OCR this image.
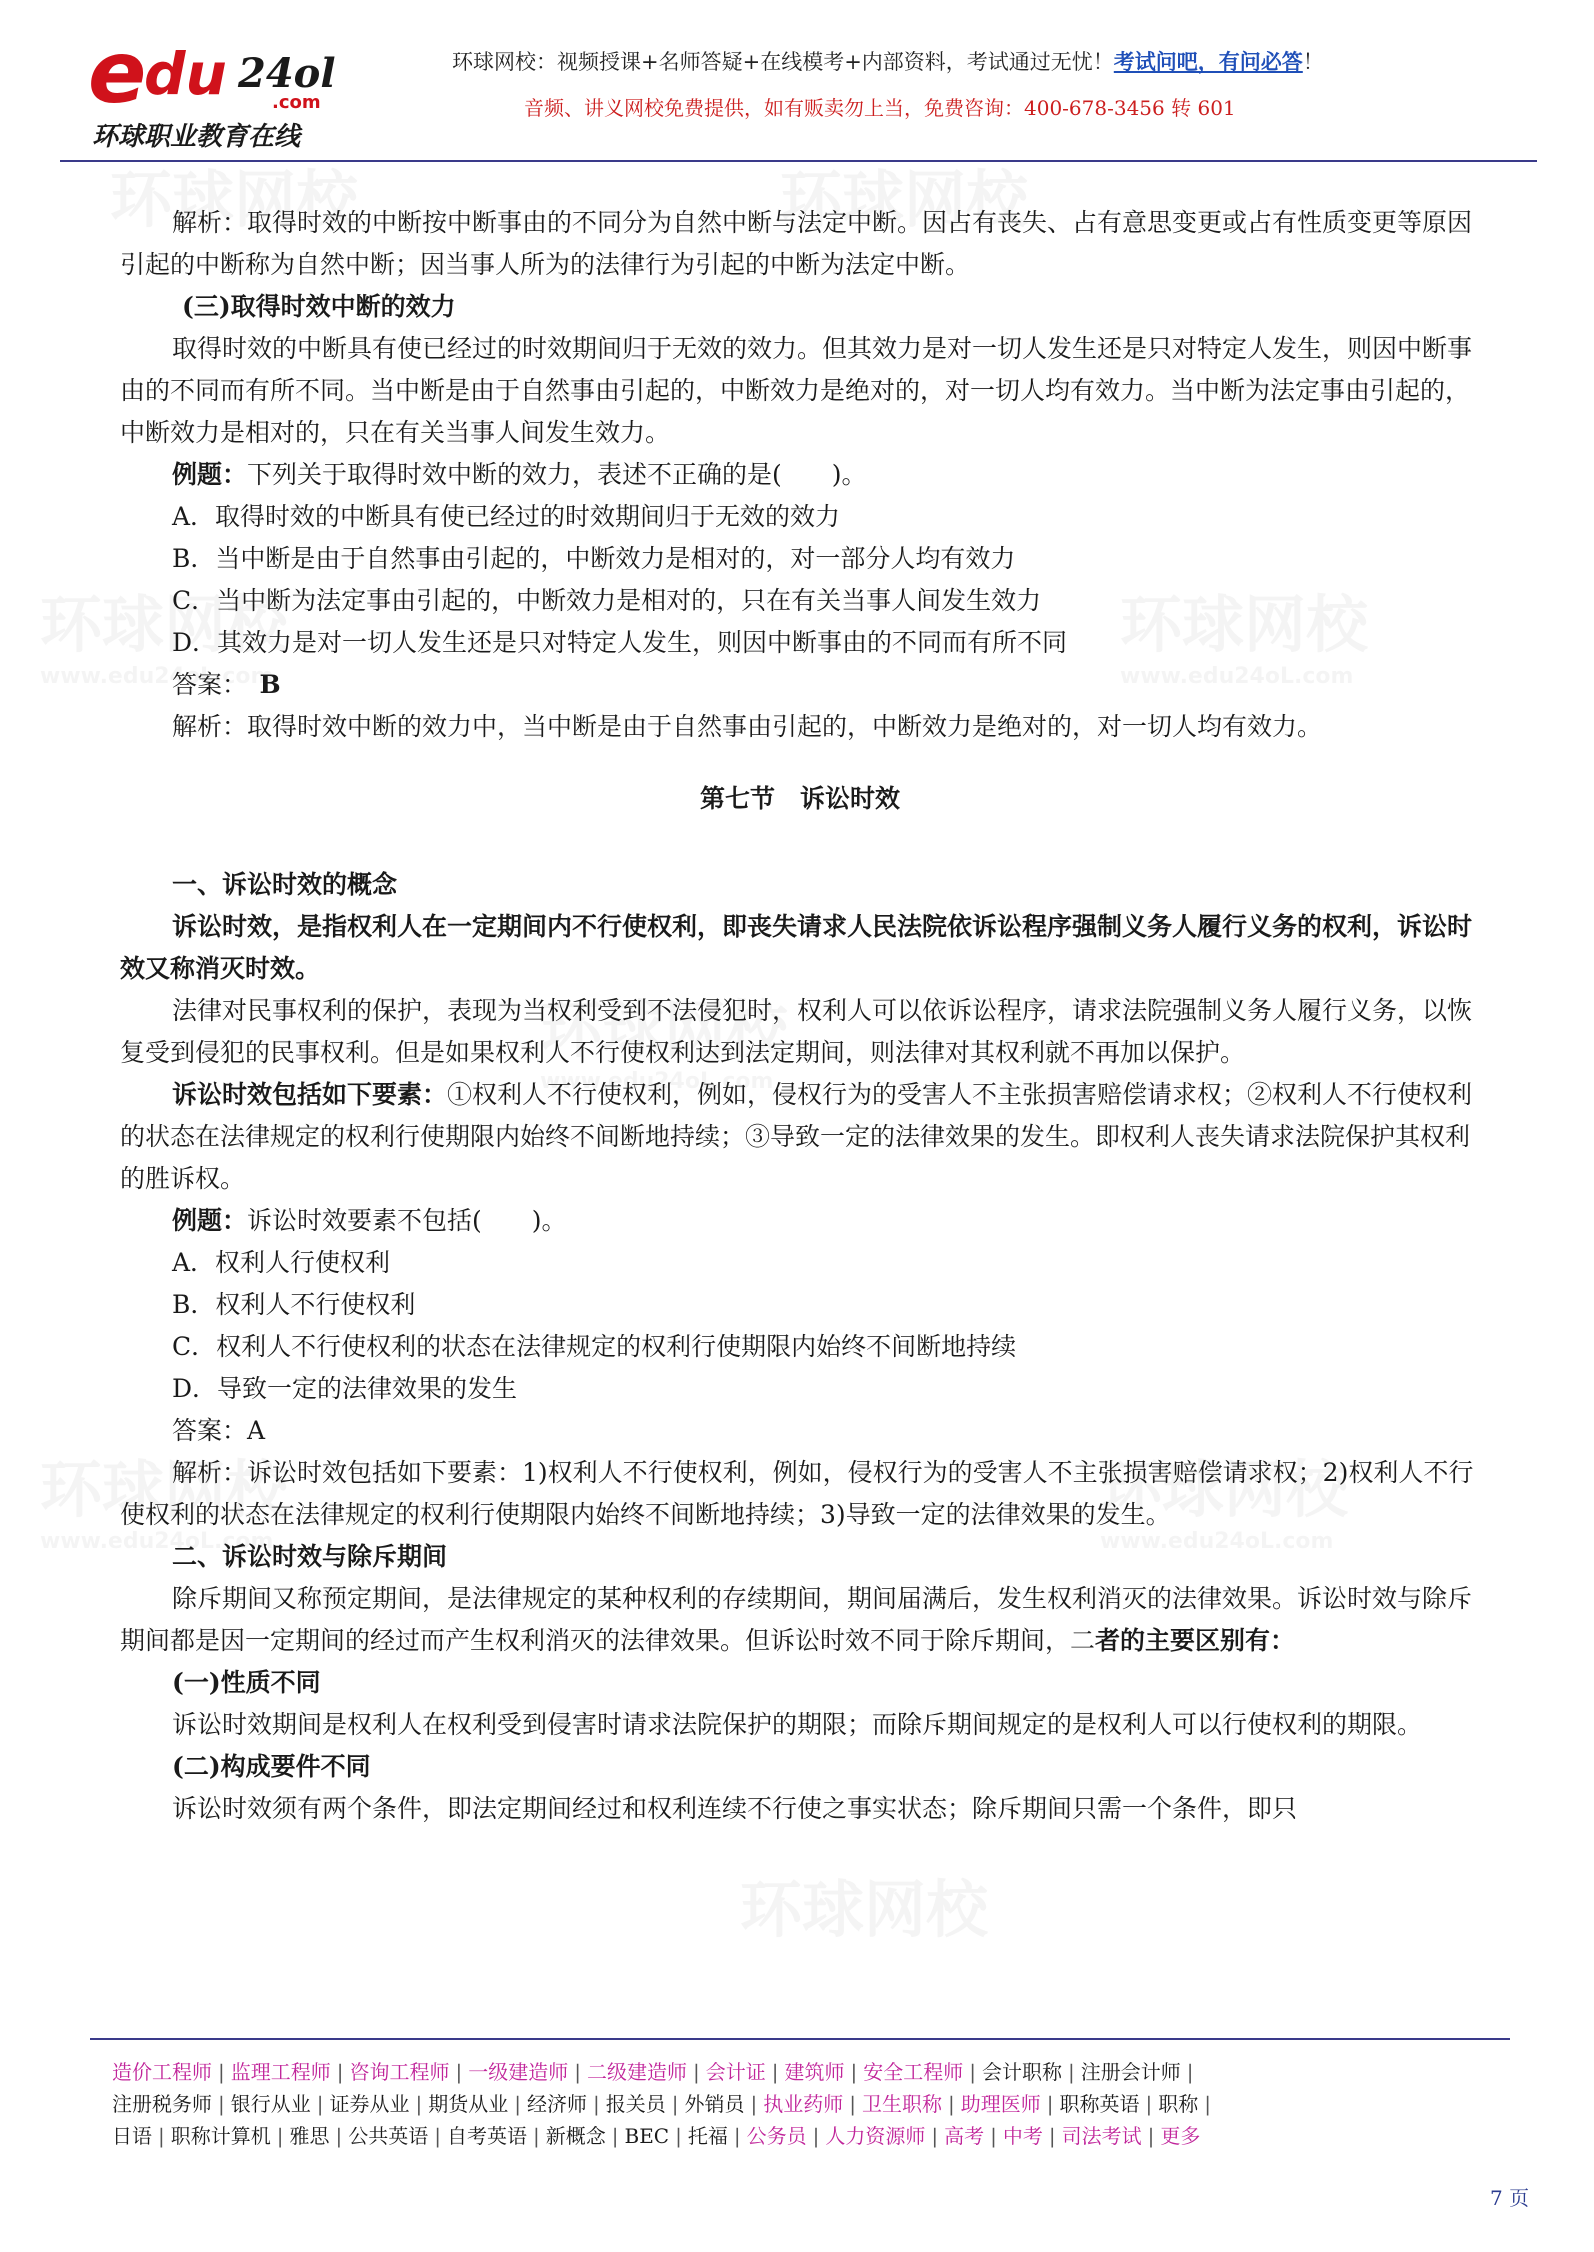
e
du 24ol
.com
环球职业教育在线
环球网校：视频授课+名师答疑+在线模考+内部资料，考试通过无忧！考试问吧，有问必答！
音频、讲义网校免费提供，如有贩卖勿上当，免费咨询：400-678-3456 转 601

解析：取得时效的中断按中断事由的不同分为自然中断与法定中断。因占有丧失、占有意思变更或占有性质变更等原因引起的中断称为自然中断；因当事人所为的法律行为引起的中断为法定中断。

(三)取得时效中断的效力

取得时效的中断具有使已经过的时效期间归于无效的效力。但其效力是对一切人发生还是只对特定人发生，则因中断事由的不同而有所不同。当中断是由于自然事由引起的，中断效力是绝对的，对一切人均有效力。当中断为法定事由引起的，中断效力是相对的，只在有关当事人间发生效力。

例题：下列关于取得时效中断的效力，表述不正确的是(　　)。

A．取得时效的中断具有使已经过的时效期间归于无效的效力

B．当中断是由于自然事由引起的，中断效力是相对的，对一部分人均有效力

C．当中断为法定事由引起的，中断效力是相对的，只在有关当事人间发生效力

D．其效力是对一切人发生还是只对特定人发生，则因中断事由的不同而有所不同

答案：　 B

解析：取得时效中断的效力中，当中断是由于自然事由引起的，中断效力是绝对的，对一切人均有效力。

第七节　诉讼时效

一、诉讼时效的概念

诉讼时效，是指权利人在一定期间内不行使权利，即丧失请求人民法院依诉讼程序强制义务人履行义务的权利，诉讼时效又称消灭时效。

法律对民事权利的保护，表现为当权利受到不法侵犯时，权利人可以依诉讼程序，请求法院强制义务人履行义务，以恢复受到侵犯的民事权利。但是如果权利人不行使权利达到法定期间，则法律对其权利就不再加以保护。

诉讼时效包括如下要素：①权利人不行使权利，例如，侵权行为的受害人不主张损害赔偿请求权；②权利人不行使权利的状态在法律规定的权利行使期限内始终不间断地持续；③导致一定的法律效果的发生。即权利人丧失请求法院保护其权利的胜诉权。

例题：诉讼时效要素不包括(　　)。

A．权利人行使权利

B．权利人不行使权利

C．权利人不行使权利的状态在法律规定的权利行使期限内始终不间断地持续

D．导致一定的法律效果的发生

答案：A

解析：诉讼时效包括如下要素：1)权利人不行使权利，例如，侵权行为的受害人不主张损害赔偿请求权；2)权利人不行使权利的状态在法律规定的权利行使期限内始终不间断地持续；3)导致一定的法律效果的发生。

二、诉讼时效与除斥期间

除斥期间又称预定期间，是法律规定的某种权利的存续期间，期间届满后，发生权利消灭的法律效果。诉讼时效与除斥期间都是因一定期间的经过而产生权利消灭的法律效果。但诉讼时效不同于除斥期间，二者的主要区别有：

(一)性质不同

诉讼时效期间是权利人在权利受到侵害时请求法院保护的期限；而除斥期间规定的是权利人可以行使权利的期限。

(二)构成要件不同

诉讼时效须有两个条件，即法定期间经过和权利连续不行使之事实状态；除斥期间只需一个条件，即只

造价工程师 | 监理工程师 | 咨询工程师 | 一级建造师 | 二级建造师 | 会计证 | 建筑师 | 安全工程师 | 会计职称 | 注册会计师 |
注册税务师 | 银行从业 | 证券从业 | 期货从业 | 经济师 | 报关员 | 外销员 | 执业药师 | 卫生职称 | 助理医师 | 职称英语 | 职称 |
日语 | 职称计算机 | 雅思 | 公共英语 | 自考英语 | 新概念 | BEC | 托福 | 公务员 | 人力资源师 | 高考 | 中考 | 司法考试 | 更多
7 页
